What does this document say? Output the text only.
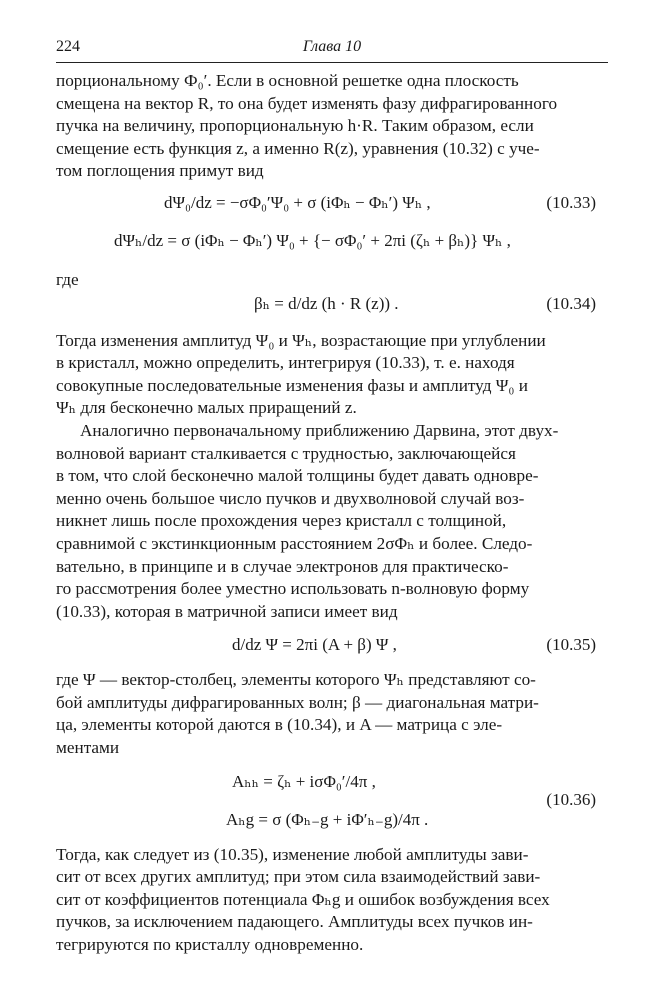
224	Глава 10

порциональному Ф₀′. Если в основной решетке одна плоскость

смещена на вектор R, то она будет изменять фазу дифрагированного

пучка на величину, пропорциональную h·R. Таким образом, если

смещение есть функция z, а именно R(z), уравнения (10.32) с уче-

том поглощения примут вид

dΨ₀/dz = −σΦ₀′Ψ₀ + σ (iΦₕ − Φₕ′) Ψₕ ,
dΨₕ/dz = σ (iΦₕ − Φₕ′) Ψ₀ + {− σΦ₀′ + 2πi (ζₕ + βₕ)} Ψₕ ,
(10.33)

где

βₕ = d/dz (h · R (z)) .	(10.34)

Тогда изменения амплитуд Ψ₀ и Ψₕ, возрастающие при углублении

в кристалл, можно определить, интегрируя (10.33), т. е. находя

совокупные последовательные изменения фазы и амплитуд Ψ₀ и

Ψₕ для бесконечно малых приращений z.

Аналогично первоначальному приближению Дарвина, этот двух-

волновой вариант сталкивается с трудностью, заключающейся

в том, что слой бесконечно малой толщины будет давать одновре-

менно очень большое число пучков и двухволновой случай воз-

никнет лишь после прохождения через кристалл с толщиной,

сравнимой с экстинкционным расстоянием 2σΦₕ и более. Следо-

вательно, в принципе и в случае электронов для практическо-

го рассмотрения более уместно использовать n-волновую форму

(10.33), которая в матричной записи имеет вид

d/dz Ψ = 2πi (A + β) Ψ ,	(10.35)

где Ψ — вектор-столбец, элементы которого Ψₕ представляют со-

бой амплитуды дифрагированных волн; β — диагональная матри-

ца, элементы которой даются в (10.34), и A — матрица с эле-

ментами

Aₕₕ = ζₕ + iσΦ₀′/4π ,
Aₕg = σ (Φₕ₋g + iΦ′ₕ₋g)/4π .
(10.36)

Тогда, как следует из (10.35), изменение любой амплитуды зави-

сит от всех других амплитуд; при этом сила взаимодействий зави-

сит от коэффициентов потенциала Φₕg и ошибок возбуждения всех

пучков, за исключением падающего. Амплитуды всех пучков ин-

тегрируются по кристаллу одновременно.
